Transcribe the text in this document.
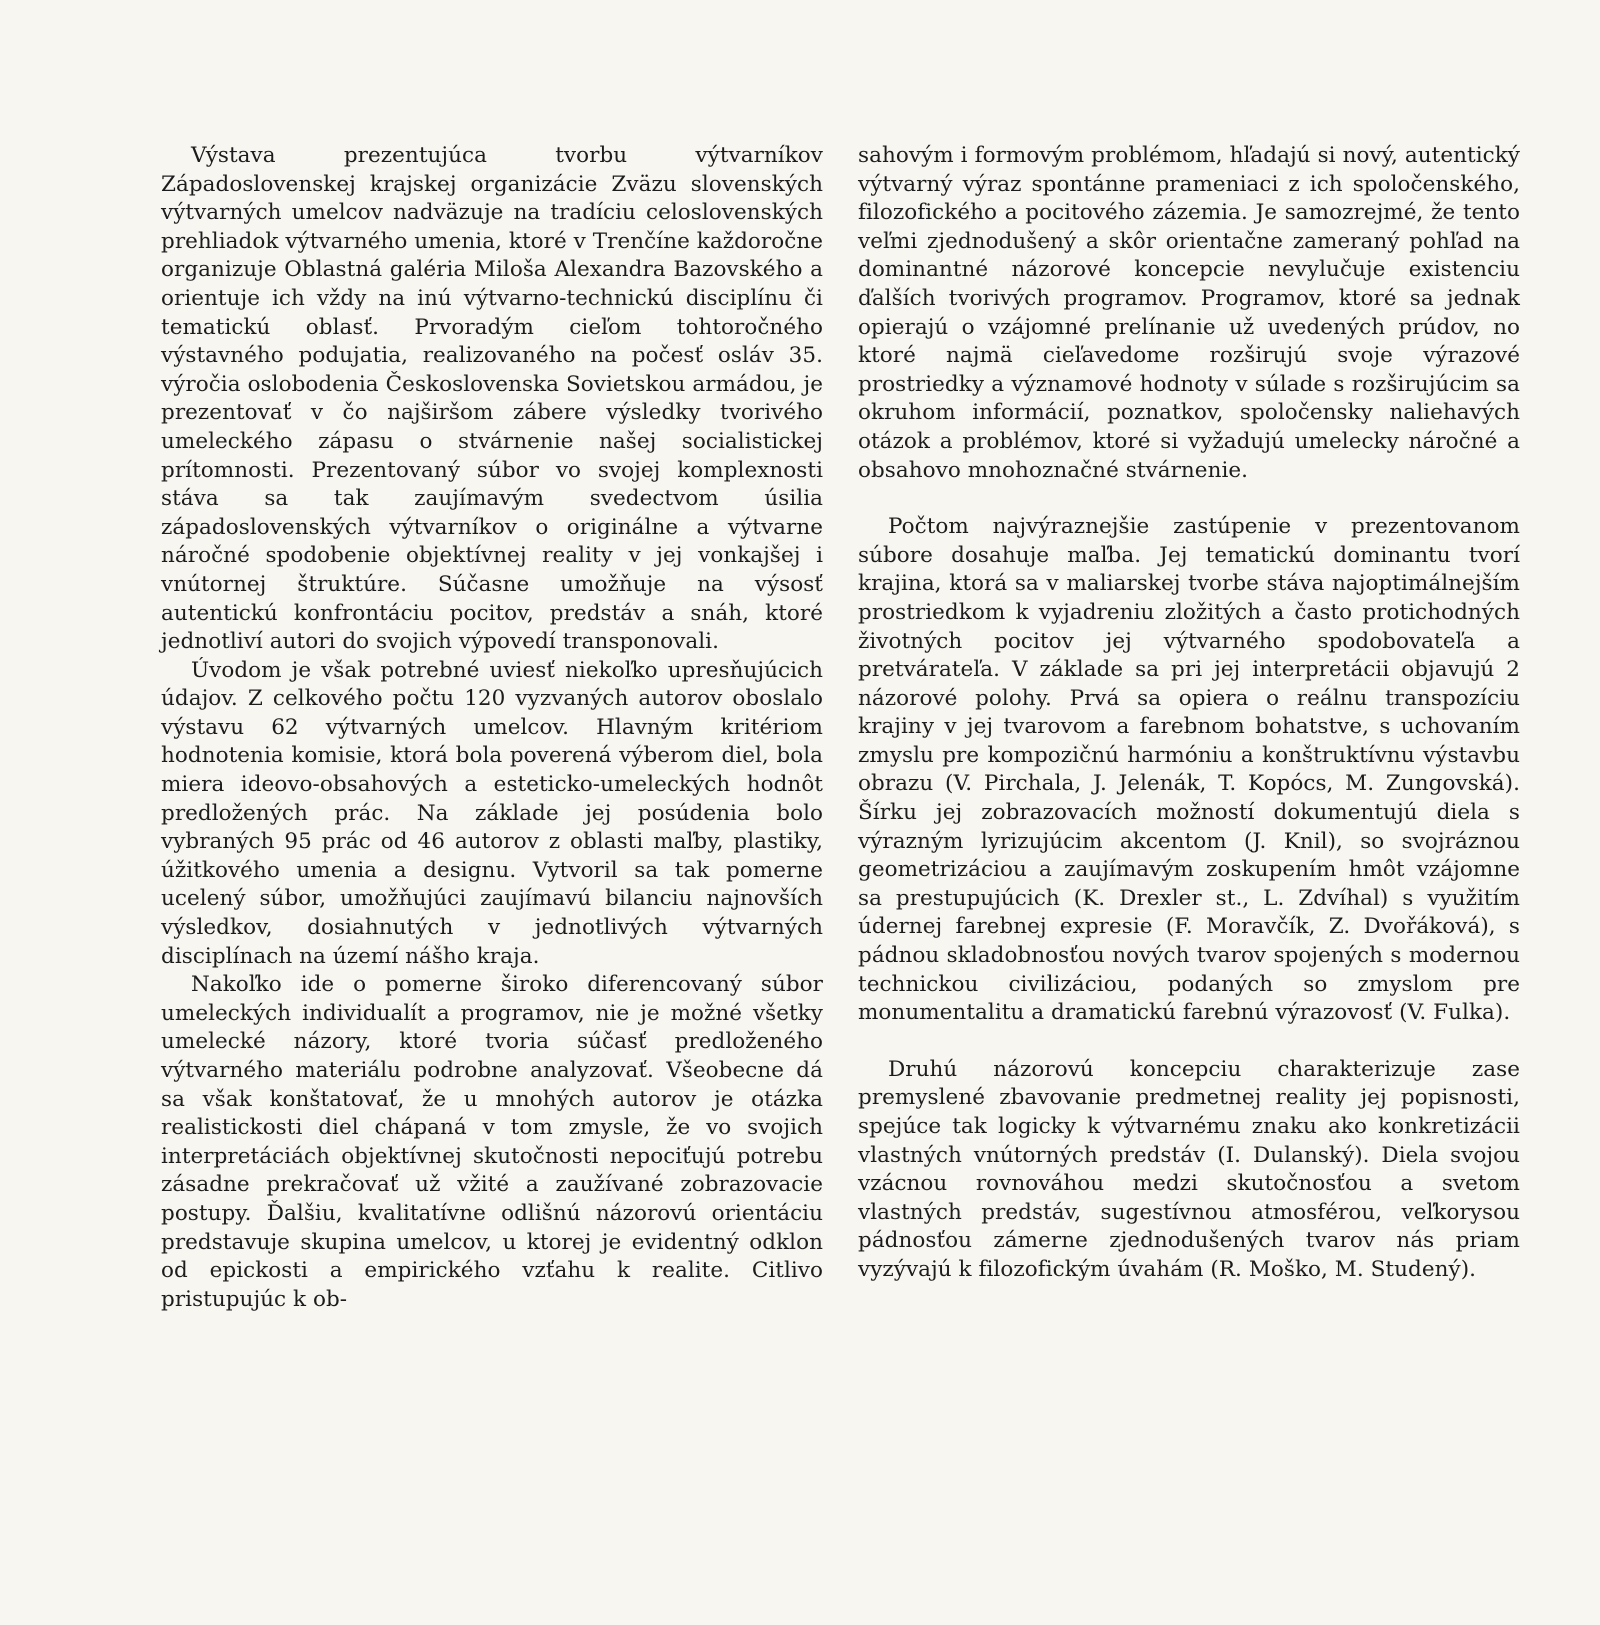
Výstava prezentujúca tvorbu výtvarníkov Západoslovenskej krajskej organizácie Zväzu slovenských výtvarných umelcov nadväzuje na tradíciu celoslovenských prehliadok výtvarného umenia, ktoré v Trenčíne každoročne organizuje Oblastná galéria Miloša Alexandra Bazovského a orientuje ich vždy na inú výtvarno-technickú disciplínu či tematickú oblasť. Prvoradým cieľom tohtoročného výstavného podujatia, realizovaného na počesť osláv 35. výročia oslobodenia Československa Sovietskou armádou, je prezentovať v čo najširšom zábere výsledky tvorivého umeleckého zápasu o stvárnenie našej socialistickej prítomnosti. Prezentovaný súbor vo svojej komplexnosti stáva sa tak zaujímavým svedectvom úsilia západoslovenských výtvarníkov o originálne a výtvarne náročné spodobenie objektívnej reality v jej vonkajšej i vnútornej štruktúre. Súčasne umožňuje na výsosť autentickú konfrontáciu pocitov, predstáv a snáh, ktoré jednotliví autori do svojich výpovedí transponovali.

Úvodom je však potrebné uviesť niekoľko upresňujúcich údajov. Z celkového počtu 120 vyzvaných autorov oboslalo výstavu 62 výtvarných umelcov. Hlavným kritériom hodnotenia komisie, ktorá bola poverená výberom diel, bola miera ideovo-obsahových a esteticko-umeleckých hodnôt predložených prác. Na základe jej posúdenia bolo vybraných 95 prác od 46 autorov z oblasti maľby, plastiky, úžitkového umenia a designu. Vytvoril sa tak pomerne ucelený súbor, umožňujúci zaujímavú bilanciu najnovších výsledkov, dosiahnutých v jednotlivých výtvarných disciplínach na území nášho kraja.

Nakoľko ide o pomerne široko diferencovaný súbor umeleckých individualít a programov, nie je možné všetky umelecké názory, ktoré tvoria súčasť predloženého výtvarného materiálu podrobne analyzovať. Všeobecne dá sa však konštatovať, že u mnohých autorov je otázka realistickosti diel chápaná v tom zmysle, že vo svojich interpretáciách objektívnej skutočnosti nepociťujú potrebu zásadne prekračovať už vžité a zaužívané zobrazovacie postupy. Ďalšiu, kvalitatívne odlišnú názorovú orientáciu predstavuje skupina umelcov, u ktorej je evidentný odklon od epickosti a empirického vzťahu k realite. Citlivo pristupujúc k ob-

sahovým i formovým problémom, hľadajú si nový, autentický výtvarný výraz spontánne prameniaci z ich spoločenského, filozofického a pocitového zázemia. Je samozrejmé, že tento veľmi zjednodušený a skôr orientačne zameraný pohľad na dominantné názorové koncepcie nevylučuje existenciu ďalších tvorivých programov. Programov, ktoré sa jednak opierajú o vzájomné prelínanie už uvedených prúdov, no ktoré najmä cieľavedome rozširujú svoje výrazové prostriedky a významové hodnoty v súlade s rozširujúcim sa okruhom informácií, poznatkov, spoločensky naliehavých otázok a problémov, ktoré si vyžadujú umelecky náročné a obsahovo mnohoznačné stvárnenie.

Počtom najvýraznejšie zastúpenie v prezentovanom súbore dosahuje maľba. Jej tematickú dominantu tvorí krajina, ktorá sa v maliarskej tvorbe stáva najoptimálnejším prostriedkom k vyjadreniu zložitých a často protichodných životných pocitov jej výtvarného spodobovateľa a pretvárateľa. V základe sa pri jej interpretácii objavujú 2 názorové polohy. Prvá sa opiera o reálnu transpozíciu krajiny v jej tvarovom a farebnom bohatstve, s uchovaním zmyslu pre kompozičnú harmóniu a konštruktívnu výstavbu obrazu (V. Pirchala, J. Jelenák, T. Kopócs, M. Zungovská). Šírku jej zobrazovacích možností dokumentujú diela s výrazným lyrizujúcim akcentom (J. Knil), so svojráznou geometrizáciou a zaujímavým zoskupením hmôt vzájomne sa prestupujúcich (K. Drexler st., L. Zdvíhal) s využitím údernej farebnej expresie (F. Moravčík, Z. Dvořáková), s pádnou skladobnosťou nových tvarov spojených s modernou technickou civilizáciou, podaných so zmyslom pre monumentalitu a dramatickú farebnú výrazovosť (V. Fulka).

Druhú názorovú koncepciu charakterizuje zase premyslené zbavovanie predmetnej reality jej popisnosti, spejúce tak logicky k výtvarnému znaku ako konkretizácii vlastných vnútorných predstáv (I. Dulanský). Diela svojou vzácnou rovnováhou medzi skutočnosťou a svetom vlastných predstáv, sugestívnou atmosférou, veľkorysou pádnosťou zámerne zjednodušených tvarov nás priam vyzývajú k filozofickým úvahám (R. Moško, M. Studený).
